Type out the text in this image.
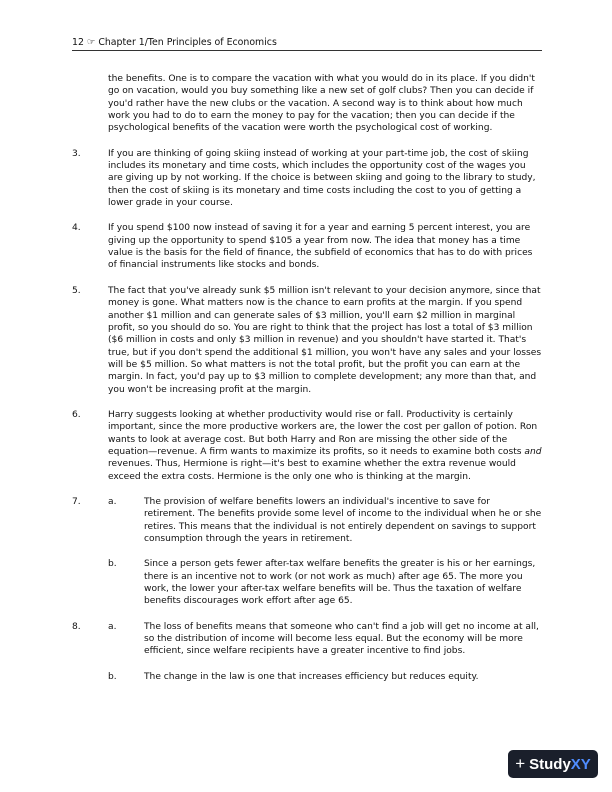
12 ☞ Chapter 1/Ten Principles of Economics

the benefits. One is to compare the vacation with what you would do in its place. If you didn't go on vacation, would you buy something like a new set of golf clubs? Then you can decide if you'd rather have the new clubs or the vacation. A second way is to think about how much work you had to do to earn the money to pay for the vacation; then you can decide if the psychological benefits of the vacation were worth the psychological cost of working.

3.	If you are thinking of going skiing instead of working at your part-time job, the cost of skiing includes its monetary and time costs, which includes the opportunity cost of the wages you are giving up by not working. If the choice is between skiing and going to the library to study, then the cost of skiing is its monetary and time costs including the cost to you of getting a lower grade in your course.
4.	If you spend $100 now instead of saving it for a year and earning 5 percent interest, you are giving up the opportunity to spend $105 a year from now. The idea that money has a time value is the basis for the field of finance, the subfield of economics that has to do with prices of financial instruments like stocks and bonds.
5.	The fact that you've already sunk $5 million isn't relevant to your decision anymore, since that money is gone. What matters now is the chance to earn profits at the margin. If you spend another $1 million and can generate sales of $3 million, you'll earn $2 million in marginal profit, so you should do so. You are right to think that the project has lost a total of $3 million ($6 million in costs and only $3 million in revenue) and you shouldn't have started it. That's true, but if you don't spend the additional $1 million, you won't have any sales and your losses will be $5 million. So what matters is not the total profit, but the profit you can earn at the margin. In fact, you'd pay up to $3 million to complete development; any more than that, and you won't be increasing profit at the margin.
6.	Harry suggests looking at whether productivity would rise or fall. Productivity is certainly important, since the more productive workers are, the lower the cost per gallon of potion. Ron wants to look at average cost. But both Harry and Ron are missing the other side of the equation—revenue. A firm wants to maximize its profits, so it needs to examine both costs and revenues. Thus, Hermione is right—it's best to examine whether the extra revenue would exceed the extra costs. Hermione is the only one who is thinking at the margin.
7.	a.	The provision of welfare benefits lowers an individual's incentive to save for retirement. The benefits provide some level of income to the individual when he or she retires. This means that the individual is not entirely dependent on savings to support consumption through the years in retirement.
b.	Since a person gets fewer after-tax welfare benefits the greater is his or her earnings, there is an incentive not to work (or not work as much) after age 65. The more you work, the lower your after-tax welfare benefits will be. Thus the taxation of welfare benefits discourages work effort after age 65.
8.	a.	The loss of benefits means that someone who can't find a job will get no income at all, so the distribution of income will become less equal. But the economy will be more efficient, since welfare recipients have a greater incentive to find jobs.
b.	The change in the law is one that increases efficiency but reduces equity.
+ Study XY
